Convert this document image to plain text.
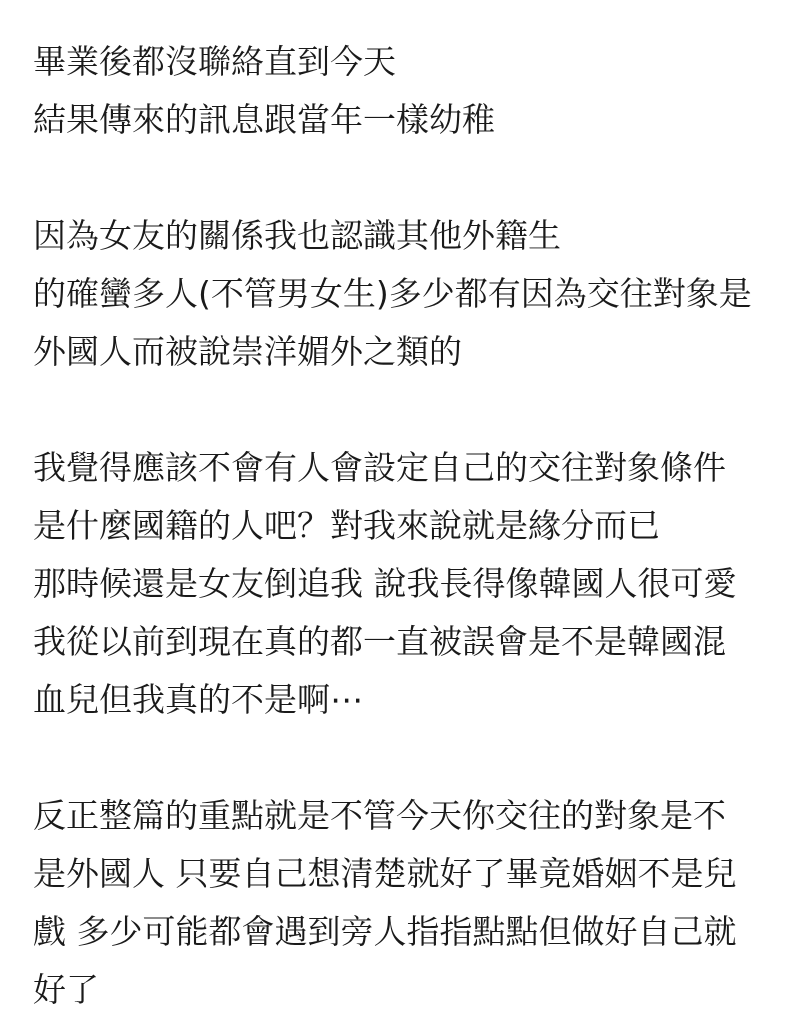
畢業後都沒聯絡直到今天
結果傳來的訊息跟當年一樣幼稚
因為女友的關係我也認識其他外籍生
的確蠻多人(不管男女生)多少都有因為交往對象是
外國人而被說崇洋媚外之類的
我覺得應該不會有人會設定自己的交往對象條件
是什麼國籍的人吧？對我來說就是緣分而已
那時候還是女友倒追我 說我長得像韓國人很可愛
我從以前到現在真的都一直被誤會是不是韓國混
血兒但我真的不是啊⋯
反正整篇的重點就是不管今天你交往的對象是不
是外國人 只要自己想清楚就好了畢竟婚姻不是兒
戲 多少可能都會遇到旁人指指點點但做好自己就
好了
